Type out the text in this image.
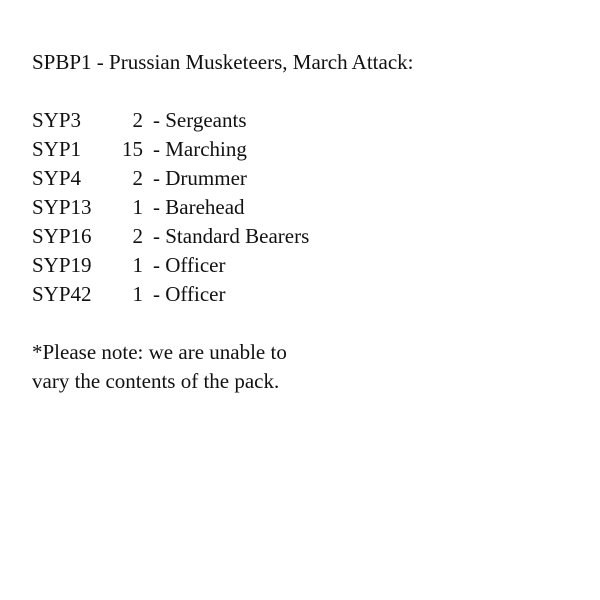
SPBP1 - Prussian Musketeers, March Attack:
SYP3	2 - Sergeants
SYP1	15 - Marching
SYP4	2 - Drummer
SYP13	1 - Barehead
SYP16	2 - Standard Bearers
SYP19	1 - Officer
SYP42	1 - Officer
*Please note: we are unable to
vary the contents of the pack.
